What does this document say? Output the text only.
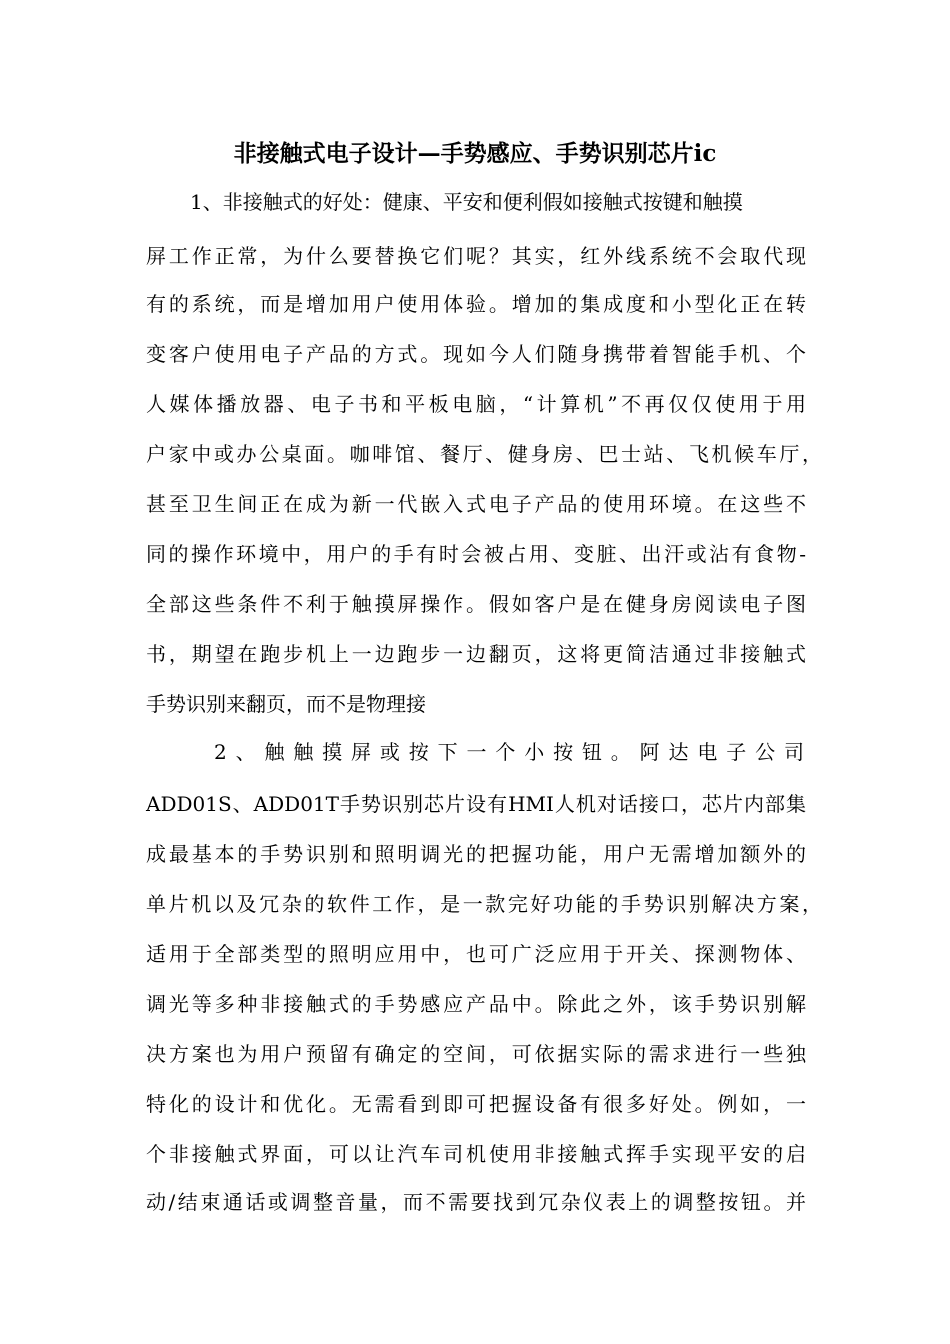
非接触式电子设计—手势感应、手势识别芯片ic
1、非接触式的好处：健康、平安和便利假如接触式按键和触摸
屏工作正常，为什么要替换它们呢？其实，红外线系统不会取代现
有的系统，而是增加用户使用体验。增加的集成度和小型化正在转
变客户使用电子产品的方式。现如今人们随身携带着智能手机、个
人媒体播放器、电子书和平板电脑，“计算机”不再仅仅使用于用
户家中或办公桌面。咖啡馆、餐厅、健身房、巴士站、飞机候车厅，
甚至卫生间正在成为新一代嵌入式电子产品的使用环境。在这些不
同的操作环境中，用户的手有时会被占用、变脏、出汗或沾有食物-
全部这些条件不利于触摸屏操作。假如客户是在健身房阅读电子图
书，期望在跑步机上一边跑步一边翻页，这将更简洁通过非接触式
手势识别来翻页，而不是物理接
2、触触摸屏或按下一个小按钮。阿达电子公司
ADD01S、ADD01T手势识别芯片设有HMI人机对话接口，芯片内部集
成最基本的手势识别和照明调光的把握功能，用户无需增加额外的
单片机以及冗杂的软件工作，是一款完好功能的手势识别解决方案，
适用于全部类型的照明应用中，也可广泛应用于开关、探测物体、
调光等多种非接触式的手势感应产品中。除此之外，该手势识别解
决方案也为用户预留有确定的空间，可依据实际的需求进行一些独
特化的设计和优化。无需看到即可把握设备有很多好处。例如，一
个非接触式界面，可以让汽车司机使用非接触式挥手实现平安的启
动/结束通话或调整音量，而不需要找到冗杂仪表上的调整按钮。并
